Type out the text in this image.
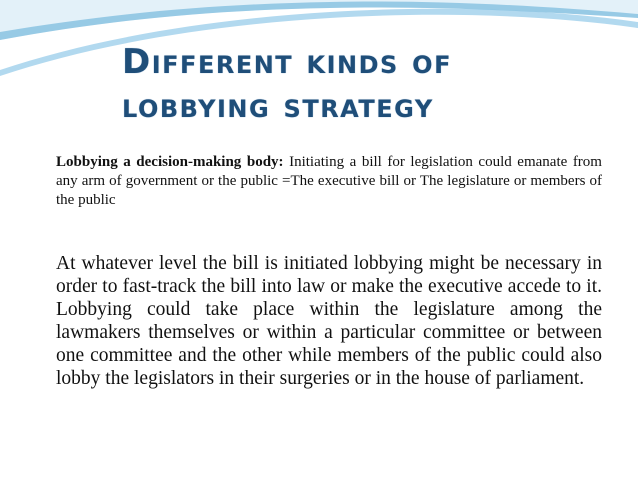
Different kinds of
lobbying strategy
Lobbying a decision-making body: Initiating a bill for legislation could emanate from any arm of government or the public =The executive bill or The legislature or members of the public
At whatever level the bill is initiated lobbying might be necessary in order to fast-track the bill into law or make the executive accede to it. Lobbying could take place within the legislature among the lawmakers themselves or within a particular committee or between one committee and the other while members of the public could also lobby the legislators in their surgeries or in the house of parliament.
